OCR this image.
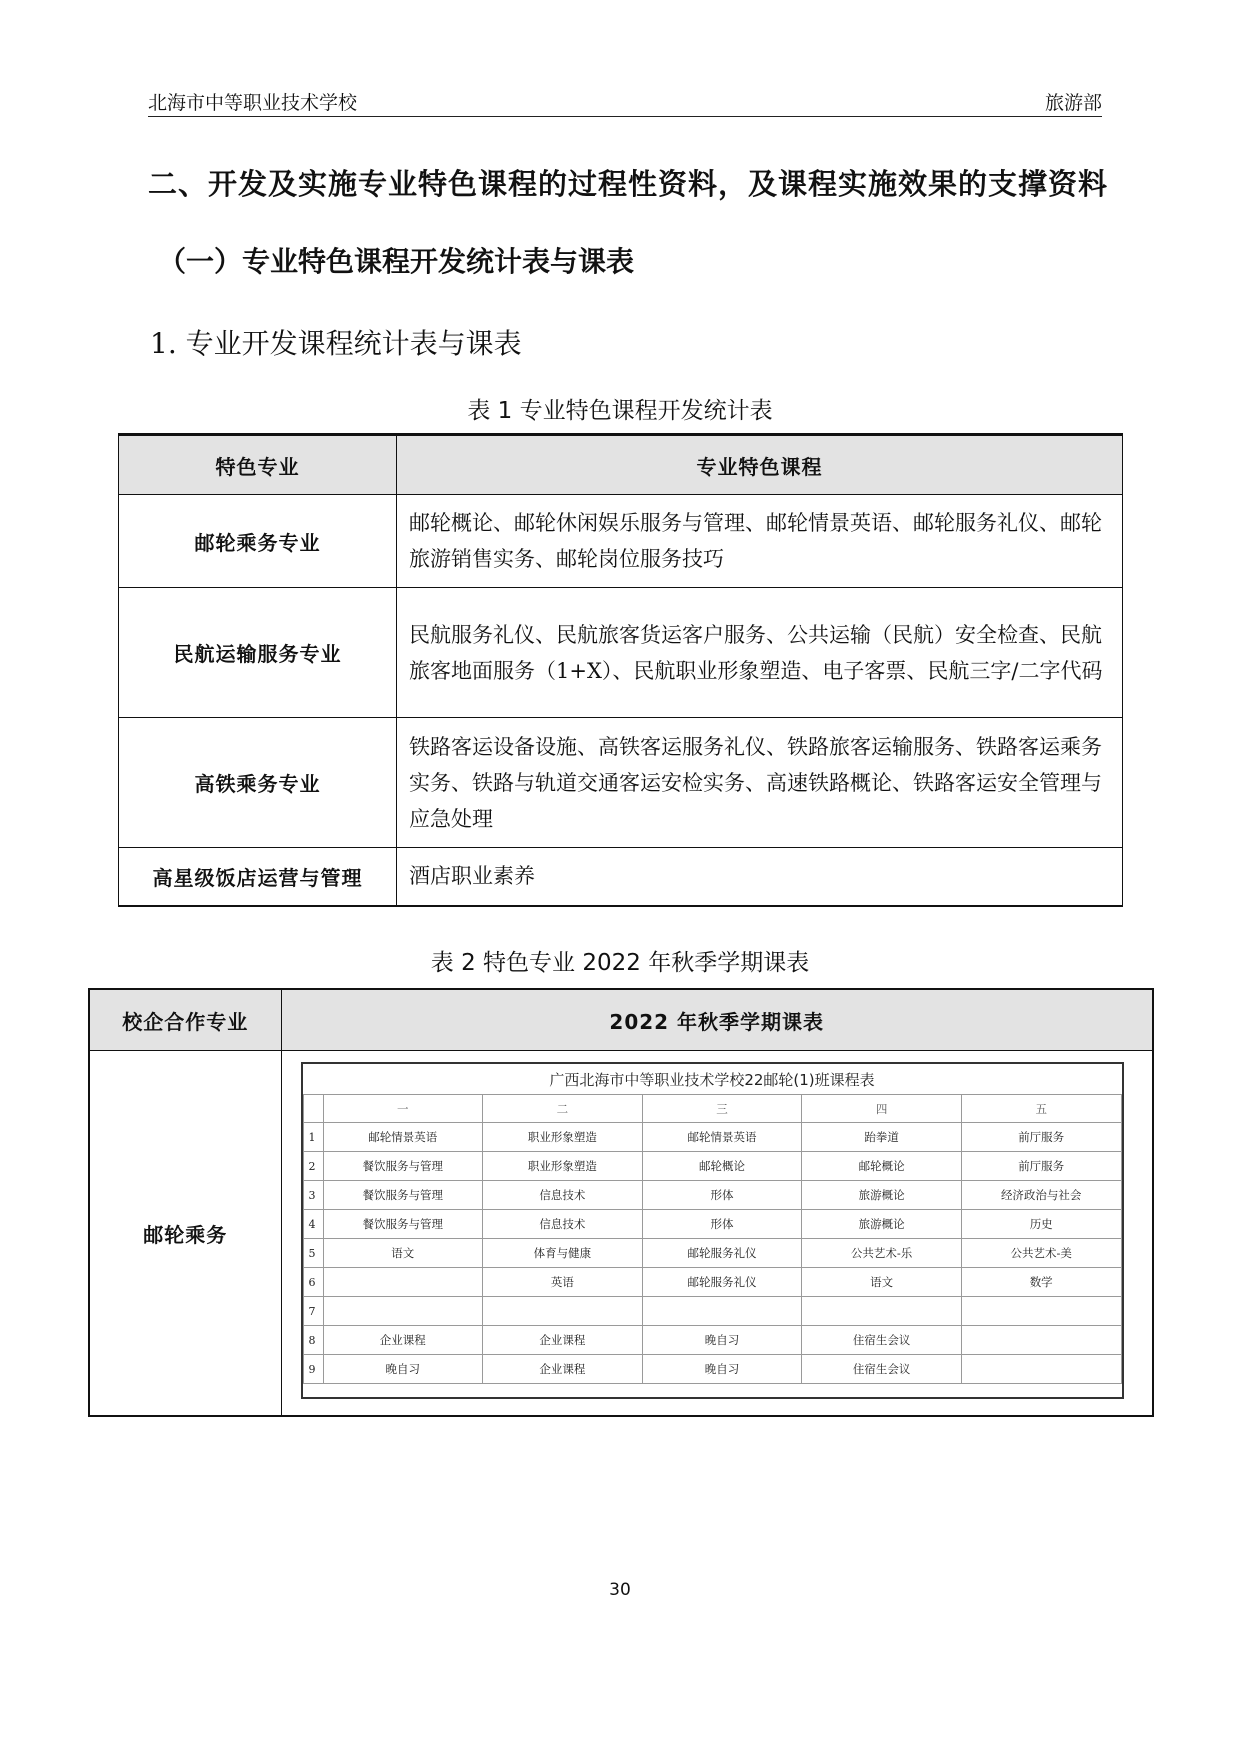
北海市中等职业技术学校	旅游部
二、开发及实施专业特色课程的过程性资料，及课程实施效果的支撑资料
（一）专业特色课程开发统计表与课表
1. 专业开发课程统计表与课表
表 1 专业特色课程开发统计表
特色专业	专业特色课程
邮轮乘务专业	邮轮概论、邮轮休闲娱乐服务与管理、邮轮情景英语、邮轮服务礼仪、邮轮旅游销售实务、邮轮岗位服务技巧
民航运输服务专业	民航服务礼仪、民航旅客货运客户服务、公共运输（民航）安全检查、民航旅客地面服务（1+X）、民航职业形象塑造、电子客票、民航三字/二字代码
高铁乘务专业	铁路客运设备设施、高铁客运服务礼仪、铁路旅客运输服务、铁路客运乘务实务、铁路与轨道交通客运安检实务、高速铁路概论、铁路客运安全管理与应急处理
高星级饭店运营与管理	酒店职业素养
表 2 特色专业 2022 年秋季学期课表
校企合作专业	2022 年秋季学期课表
邮轮乘务	
广西北海市中等职业技术学校22邮轮(1)班课程表
	一	二	三	四	五
1	邮轮情景英语	职业形象塑造	邮轮情景英语	跆拳道	前厅服务
2	餐饮服务与管理	职业形象塑造	邮轮概论	邮轮概论	前厅服务
3	餐饮服务与管理	信息技术	形体	旅游概论	经济政治与社会
4	餐饮服务与管理	信息技术	形体	旅游概论	历史
5	语文	体育与健康	邮轮服务礼仪	公共艺术-乐	公共艺术-美
6		英语	邮轮服务礼仪	语文	数学
7					
8	企业课程	企业课程	晚自习	住宿生会议	
9	晚自习	企业课程	晚自习	住宿生会议	
30
